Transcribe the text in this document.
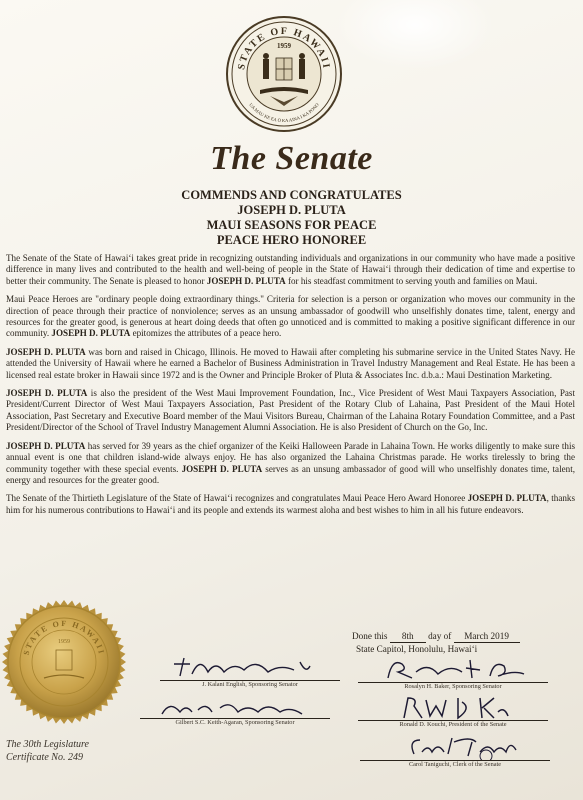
STATE OF HAWAII
UA MAU KE EA O KA AINA I KA PONO
1959
The Senate
COMMENDS AND CONGRATULATES
JOSEPH D. PLUTA
MAUI SEASONS FOR PEACE
PEACE HERO HONOREE

The Senate of the State of Hawaiʻi takes great pride in recognizing outstanding individuals and organizations in our community who have made a positive difference in many lives and contributed to the health and well-being of people in the State of Hawaiʻi through their dedication of time and expertise to better their community. The Senate is pleased to honor JOSEPH D. PLUTA for his steadfast commitment to serving youth and families on Maui.

Maui Peace Heroes are "ordinary people doing extraordinary things." Criteria for selection is a person or organization who moves our community in the direction of peace through their practice of nonviolence; serves as an unsung ambassador of goodwill who unselfishly donates time, talent, energy and resources for the greater good, is generous at heart doing deeds that often go unnoticed and is committed to making a positive significant difference in our community. JOSEPH D. PLUTA epitomizes the attributes of a peace hero.

JOSEPH D. PLUTA was born and raised in Chicago, Illinois. He moved to Hawaii after completing his submarine service in the United States Navy. He attended the University of Hawaii where he earned a Bachelor of Business Administration in Travel Industry Management and Real Estate. He has been a licensed real estate broker in Hawaii since 1972 and is the Owner and Principle Broker of Pluta & Associates Inc. d.b.a.: Maui Destination Marketing.

JOSEPH D. PLUTA is also the president of the West Maui Improvement Foundation, Inc., Vice President of West Maui Taxpayers Association, Past President/Current Director of West Maui Taxpayers Association, Past President of the Rotary Club of Lahaina, Past President of the Maui Hotel Association, Past Secretary and Executive Board member of the Maui Visitors Bureau, Chairman of the Lahaina Rotary Foundation Committee, and a Past President/Director of the School of Travel Industry Management Alumni Association. He is also President of Church on the Go, Inc.

JOSEPH D. PLUTA has served for 39 years as the chief organizer of the Keiki Halloween Parade in Lahaina Town. He works diligently to make sure this annual event is one that children island-wide always enjoy. He has also organized the Lahaina Christmas parade. He works tirelessly to bring the community together with these special events. JOSEPH D. PLUTA serves as an unsung ambassador of good will who unselfishly donates time, talent, energy and resources for the greater good.

The Senate of the Thirtieth Legislature of the State of Hawaiʻi recognizes and congratulates Maui Peace Hero Award Honoree JOSEPH D. PLUTA, thanks him for his numerous contributions to Hawaiʻi and its people and extends its warmest aloha and best wishes to him in all his future endeavors.

Done this 8th day of March 2019
State Capitol, Honolulu, Hawaiʻi
STATE OF HAWAII
1959
The 30th Legislature
Certificate No. 249
J. Kalani English, Sponsoring Senator	Rosalyn H. Baker, Sponsoring Senator
Gilbert S.C. Keith-Agaran, Sponsoring Senator	Ronald D. Kouchi, President of the Senate
Carol Taniguchi, Clerk of the Senate
